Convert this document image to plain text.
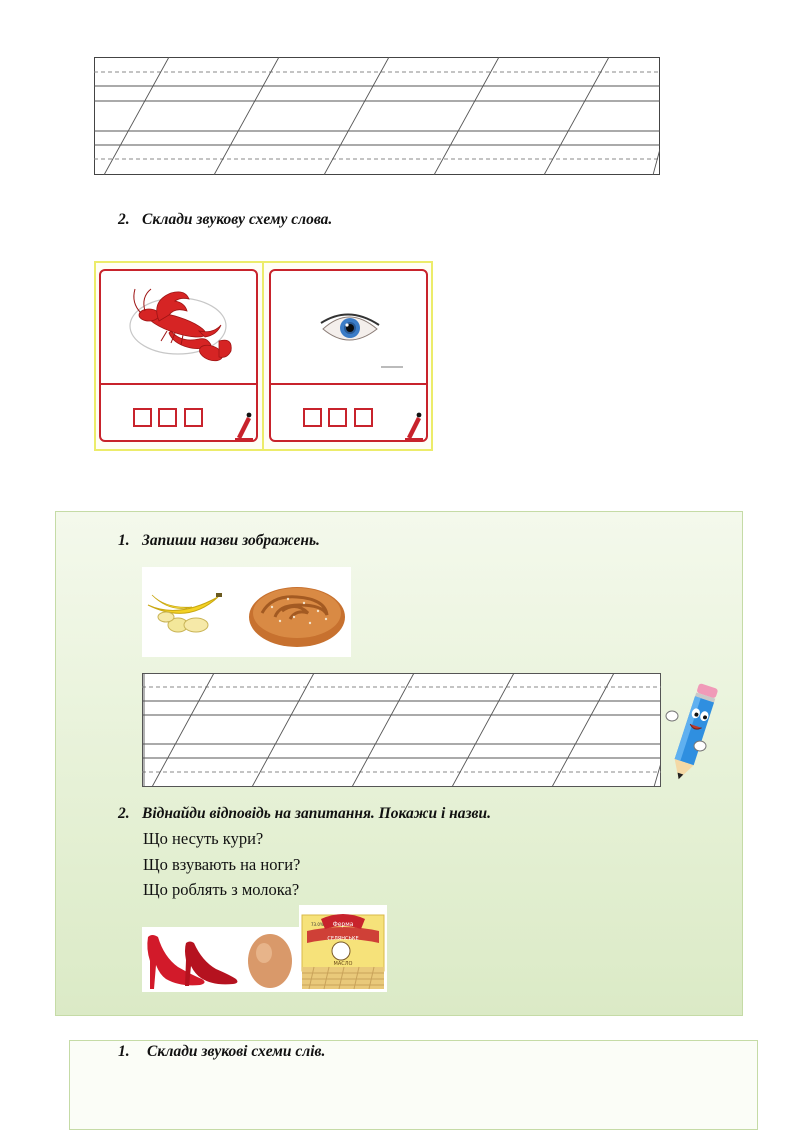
2. Склади звукову схему слова.
1. Запиши назви зображень.
2. Віднайди відповідь на запитання. Покажи і назви.
Що несуть кури?
Що взувають на ноги?
Що роблять з молока?
Ферма
СЕЛЯНСЬКЕ
МАСЛО
73.0%
1. Склади звукові схеми слів.
